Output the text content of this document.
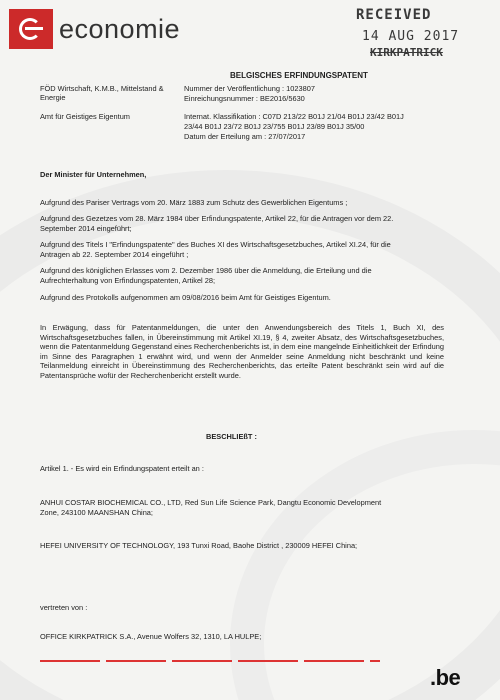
economie	RECEIVED
14 AUG 2017
KIRKPATRICK
BELGISCHES ERFINDUNGSPATENT
FÖD Wirtschaft, K.M.B., Mittelstand &
Energie
Nummer der Veröffentlichung : 1023807
Einreichungsnummer : BE2016/5630
Amt für Geistiges Eigentum	Internat. Klassifikation : C07D 213/22 B01J 21/04 B01J 23/42 B01J
23/44 B01J 23/72 B01J 23/755 B01J 23/89 B01J 35/00
Datum der Erteilung am : 27/07/2017
Der Minister für Unternehmen,
Aufgrund des Pariser Vertrags vom 20. März 1883 zum Schutz des Gewerblichen Eigentums ;
Aufgrund des Gezetzes vom 28. März 1984 über Erfindungspatente, Artikel 22, für die Antragen vor dem 22.
September 2014 eingeführt;
Aufgrund des Titels I "Erfindungspatente" des Buches XI des Wirtschaftsgesetzbuches, Artikel XI.24, für die
Antragen ab 22. September 2014 eingeführt ;
Aufgrund des königlichen Erlasses vom 2. Dezember 1986 über die Anmeldung, die Erteilung und die
Aufrechterhaltung von Erfindungspatenten, Artikel 28;
Aufgrund des Protokolls aufgenommen am 09/08/2016 beim Amt für Geistiges Eigentum.
In Erwägung, dass für Patentanmeldungen, die unter den Anwendungsbereich des Titels 1, Buch XI, des Wirtschaftsgesetzbuches fallen, in Übereinstimmung mit Artikel XI.19, § 4, zweiter Absatz, des Wirtschaftsgesetzbuches, wenn die Patentanmeldung Gegenstand eines Recherchenberichts ist, in dem eine mangelnde Einheitlichkeit der Erfindung im Sinne des Paragraphen 1 erwähnt wird, und wenn der Anmelder seine Anmeldung nicht beschränkt und keine Teilanmeldung einreicht in Übereinstimmung des Recherchenberichts, das erteilte Patent beschränkt sein wird auf die Patentansprüche wofür der Recherchenbericht erstellt wurde.
BESCHLIEßT :
Artikel 1. - Es wird ein Erfindungspatent erteilt an :
ANHUI COSTAR BIOCHEMICAL CO., LTD, Red Sun Life Science Park, Dangtu Economic Development
Zone, 243100 MAANSHAN China;
HEFEI UNIVERSITY OF TECHNOLOGY, 193 Tunxi Road, Baohe District , 230009 HEFEI China;
vertreten von :
OFFICE KIRKPATRICK S.A., Avenue Wolfers 32, 1310, LA HULPE;
.be
